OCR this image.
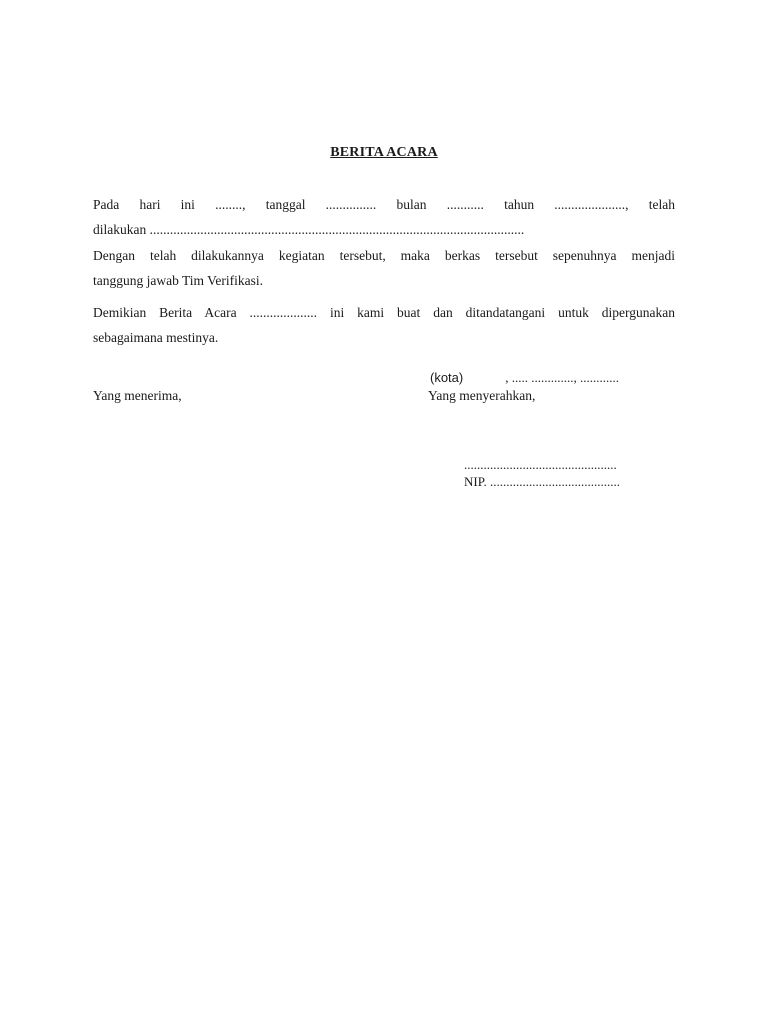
BERITA ACARA
Pada hari ini ........, tanggal ............... bulan ........... tahun ....................., telah
dilakukan ...............................................................................................................
Dengan telah dilakukannya kegiatan tersebut, maka berkas tersebut sepenuhnya menjadi
tanggung jawab Tim Verifikasi.
Demikian Berita Acara .................... ini kami buat dan ditandatangani untuk dipergunakan
sebagaimana mestinya.
(kota)	, ..... ............., ............
Yang menerima,	Yang menyerahkan,
...............................................
NIP. ........................................
